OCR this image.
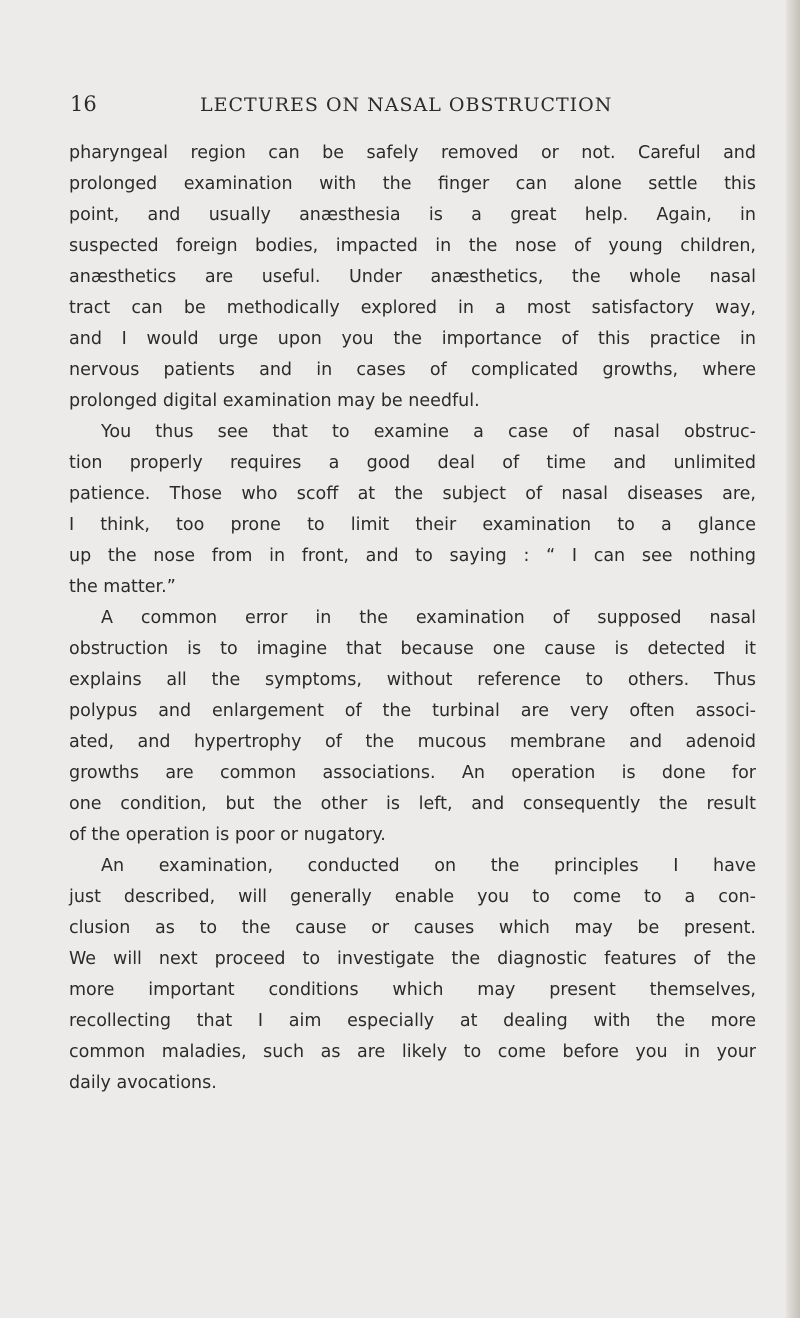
16	LECTURES ON NASAL OBSTRUCTION
pharyngeal region can be safely removed or not. Careful and
prolonged examination with the finger can alone settle this
point, and usually anæsthesia is a great help. Again, in
suspected foreign bodies, impacted in the nose of young children,
anæsthetics are useful. Under anæsthetics, the whole nasal
tract can be methodically explored in a most satisfactory way,
and I would urge upon you the importance of this practice in
nervous patients and in cases of complicated growths, where
prolonged digital examination may be needful.
You thus see that to examine a case of nasal obstruc-
tion properly requires a good deal of time and unlimited
patience. Those who scoff at the subject of nasal diseases are,
I think, too prone to limit their examination to a glance
up the nose from in front, and to saying : “ I can see nothing
the matter.”
A common error in the examination of supposed nasal
obstruction is to imagine that because one cause is detected it
explains all the symptoms, without reference to others. Thus
polypus and enlargement of the turbinal are very often associ-
ated, and hypertrophy of the mucous membrane and adenoid
growths are common associations. An operation is done for
one condition, but the other is left, and consequently the result
of the operation is poor or nugatory.
An examination, conducted on the principles I have
just described, will generally enable you to come to a con-
clusion as to the cause or causes which may be present.
We will next proceed to investigate the diagnostic features of the
more important conditions which may present themselves,
recollecting that I aim especially at dealing with the more
common maladies, such as are likely to come before you in your
daily avocations.
